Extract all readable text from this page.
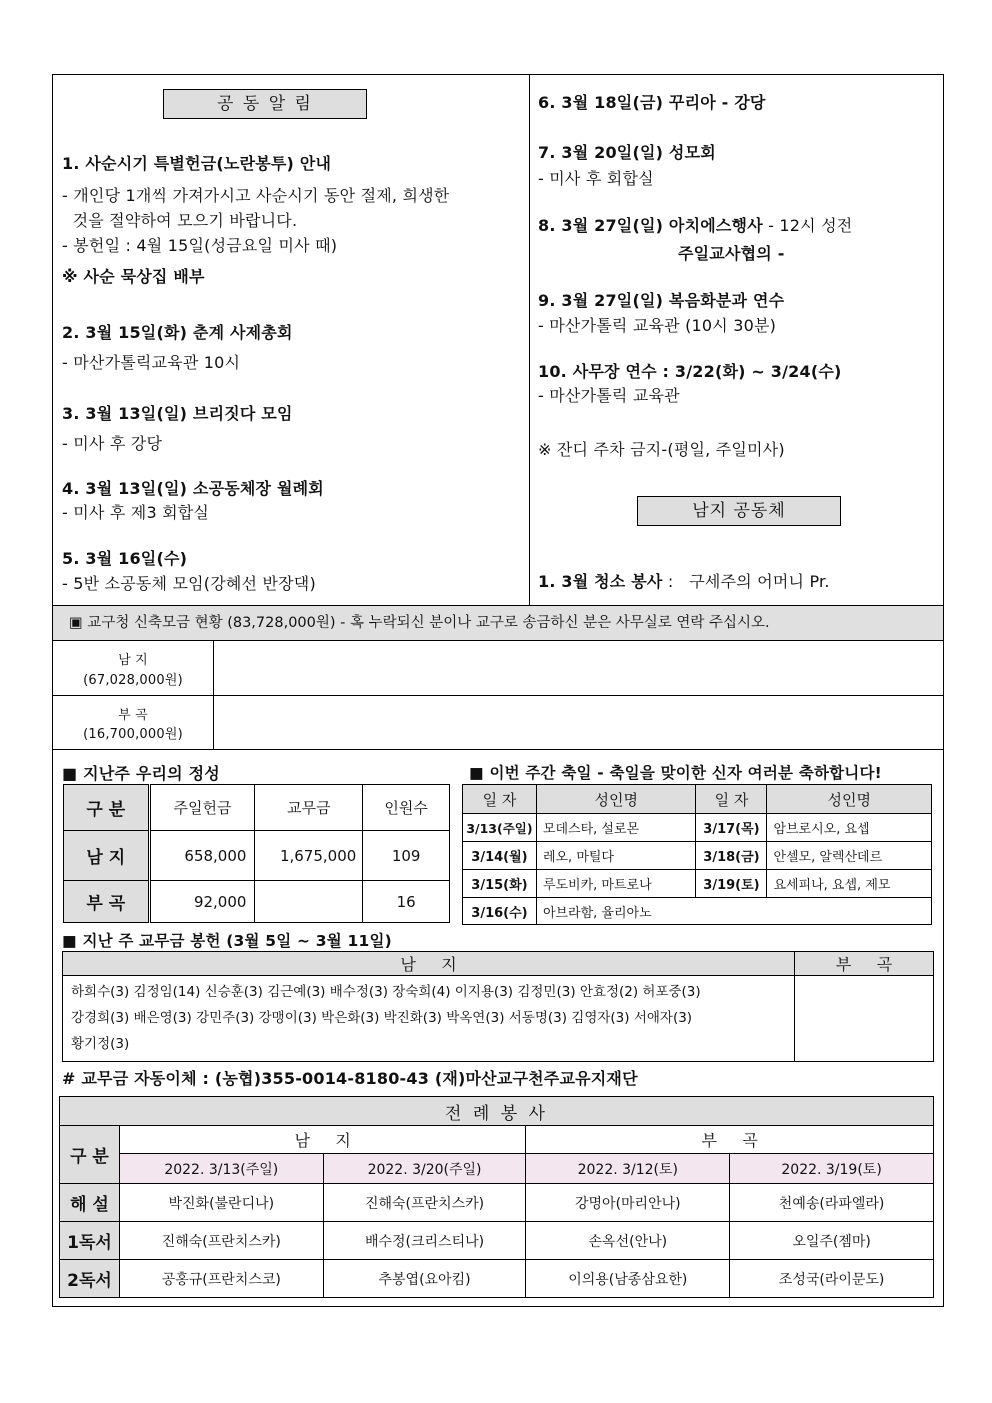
공 동 알 림
1. 사순시기 특별헌금(노란봉투) 안내
- 개인당 1개씩 가져가시고 사순시기 동안 절제, 희생한
것을 절약하여 모으기 바랍니다.
- 봉헌일 : 4월 15일(성금요일 미사 때)
※ 사순 묵상집 배부
2. 3월 15일(화) 춘계 사제총회
- 마산가톨릭교육관 10시
3. 3월 13일(일) 브리짓다 모임
- 미사 후 강당
4. 3월 13일(일) 소공동체장 월례회
- 미사 후 제3 회합실
5. 3월 16일(수)
- 5반 소공동체 모임(강혜선 반장댁)
6. 3월 18일(금) 꾸리아 - 강당
7. 3월 20일(일) 성모회
- 미사 후 회합실
8. 3월 27일(일) 아치에스행사 - 12시 성전
주일교사협의 -
9. 3월 27일(일) 복음화분과 연수
- 마산가톨릭 교육관 (10시 30분)
10. 사무장 연수 : 3/22(화) ~ 3/24(수)
- 마산가톨릭 교육관
※ 잔디 주차 금지-(평일, 주일미사)
남지 공동체
1. 3월 청소 봉사 :   구세주의 어머니 Pr.
▣ 교구청 신축모금 현황 (83,728,000원) - 혹 누락되신 분이나 교구로 송금하신 분은 사무실로 연락 주십시오.
남 지
(67,028,000원)
부 곡
(16,700,000원)
■ 지난주 우리의 정성	■ 이번 주간 축일 - 축일을 맞이한 신자 여러분 축하합니다!
■ 지난 주 교무금 봉헌 (3월 5일 ~ 3월 11일)
# 교무금 자동이체 : (농협)355-0014-8180-43 (재)마산교구천주교유지재단
구 분	주일헌금	교무금	인원수
남 지	658,000	1,675,000	109
부 곡	92,000		16
일 자	성인명	일 자	성인명
3/13(주일)	모데스타, 설로몬	3/17(목)	암브로시오, 요셉
3/14(월)	레오, 마틸다	3/18(금)	안셀모, 알렉산데르
3/15(화)	루도비카, 마트로나	3/19(토)	요세피나, 요셉, 제모
3/16(수)	아브라함, 율리아노		
남     지	부     곡

하희수(3) 김정임(14) 신승훈(3) 김근예(3) 배수정(3) 장숙희(4) 이지용(3) 김정민(3) 안효정(2) 허포중(3)
강경희(3) 배은영(3) 강민주(3) 강맹이(3) 박은화(3) 박진화(3) 박옥연(3) 서동명(3) 김영자(3) 서애자(3)
황기정(3)	

전 례 봉 사				
구 분	남     지		부     곡	
	2022. 3/13(주일)	2022. 3/20(주일)	2022. 3/12(토)	2022. 3/19(토)
해 설	박진화(불란디나)	진해숙(프란치스카)	강명아(마리안나)	천예송(라파엘라)
1독서	진해숙(프란치스카)	배수정(크리스티나)	손옥선(안나)	오일주(젬마)
2독서	공홍규(프란치스코)	추봉엽(요아킴)	이의용(남종삼요한)	조성국(라이문도)
